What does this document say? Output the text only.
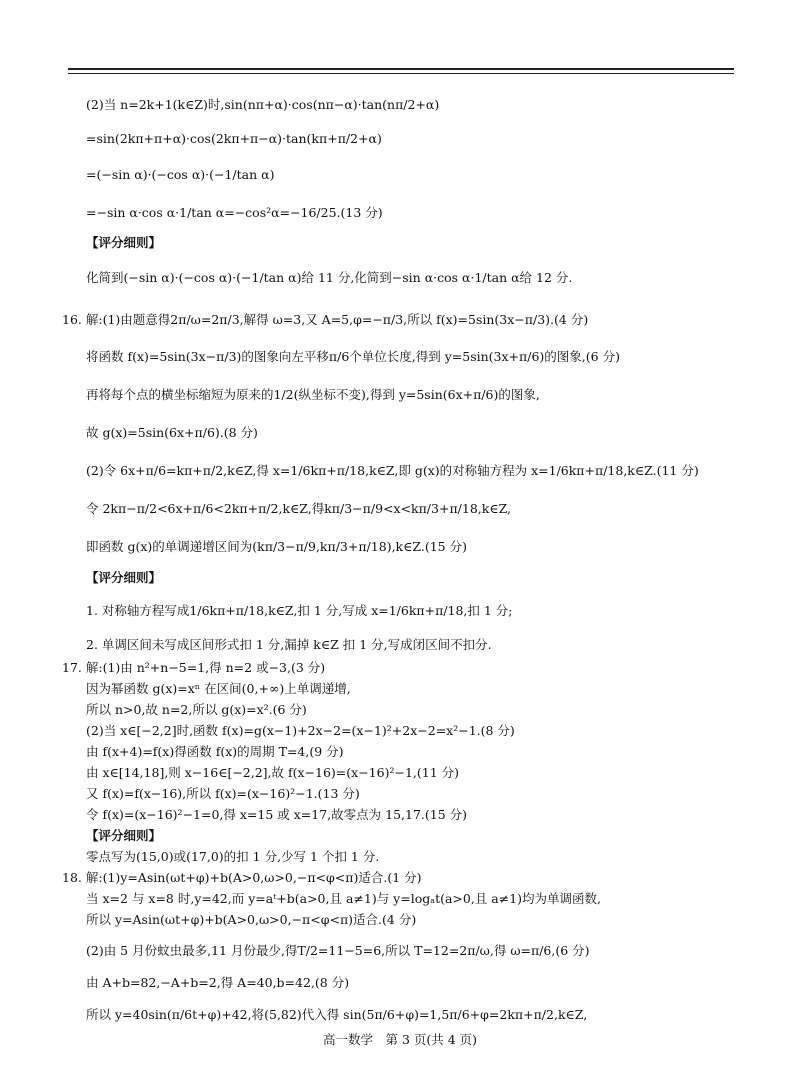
(2)当 n=2k+1(k∈Z)时,sin(nπ+α)·cos(nπ−α)·tan(nπ/2+α)
=sin(2kπ+π+α)·cos(2kπ+π−α)·tan(kπ+π/2+α)
=(−sin α)·(−cos α)·(−1/tan α)
=−sin α·cos α·1/tan α=−cos²α=−16/25.(13 分)
【评分细则】
化简到(−sin α)·(−cos α)·(−1/tan α)给 11 分,化简到−sin α·cos α·1/tan α给 12 分.
16. 解:(1)由题意得2π/ω=2π/3,解得 ω=3,又 A=5,φ=−π/3,所以 f(x)=5sin(3x−π/3).(4 分)
将函数 f(x)=5sin(3x−π/3)的图象向左平移π/6个单位长度,得到 y=5sin(3x+π/6)的图象,(6 分)
再将每个点的横坐标缩短为原来的1/2(纵坐标不变),得到 y=5sin(6x+π/6)的图象,
故 g(x)=5sin(6x+π/6).(8 分)
(2)令 6x+π/6=kπ+π/2,k∈Z,得 x=1/6kπ+π/18,k∈Z,即 g(x)的对称轴方程为 x=1/6kπ+π/18,k∈Z.(11 分)
令 2kπ−π/2<6x+π/6<2kπ+π/2,k∈Z,得kπ/3−π/9<x<kπ/3+π/18,k∈Z,
即函数 g(x)的单调递增区间为(kπ/3−π/9,kπ/3+π/18),k∈Z.(15 分)
【评分细则】
1. 对称轴方程写成1/6kπ+π/18,k∈Z,扣 1 分,写成 x=1/6kπ+π/18,扣 1 分;
2. 单调区间未写成区间形式扣 1 分,漏掉 k∈Z 扣 1 分,写成闭区间不扣分.
17. 解:(1)由 n²+n−5=1,得 n=2 或−3,(3 分)
因为幂函数 g(x)=xⁿ 在区间(0,+∞)上单调递增,
所以 n>0,故 n=2,所以 g(x)=x².(6 分)
(2)当 x∈[−2,2]时,函数 f(x)=g(x−1)+2x−2=(x−1)²+2x−2=x²−1.(8 分)
由 f(x+4)=f(x)得函数 f(x)的周期 T=4,(9 分)
由 x∈[14,18],则 x−16∈[−2,2],故 f(x−16)=(x−16)²−1,(11 分)
又 f(x)=f(x−16),所以 f(x)=(x−16)²−1.(13 分)
令 f(x)=(x−16)²−1=0,得 x=15 或 x=17,故零点为 15,17.(15 分)
【评分细则】
零点写为(15,0)或(17,0)的扣 1 分,少写 1 个扣 1 分.
18. 解:(1)y=Asin(ωt+φ)+b(A>0,ω>0,−π<φ<π)适合.(1 分)
当 x=2 与 x=8 时,y=42,而 y=aᵗ+b(a>0,且 a≠1)与 y=logₐt(a>0,且 a≠1)均为单调函数,
所以 y=Asin(ωt+φ)+b(A>0,ω>0,−π<φ<π)适合.(4 分)
(2)由 5 月份蚊虫最多,11 月份最少,得T/2=11−5=6,所以 T=12=2π/ω,得 ω=π/6,(6 分)
由 A+b=82,−A+b=2,得 A=40,b=42,(8 分)
所以 y=40sin(π/6t+φ)+42,将(5,82)代入得 sin(5π/6+φ)=1,5π/6+φ=2kπ+π/2,k∈Z,
高一数学　第 3 页(共 4 页)
